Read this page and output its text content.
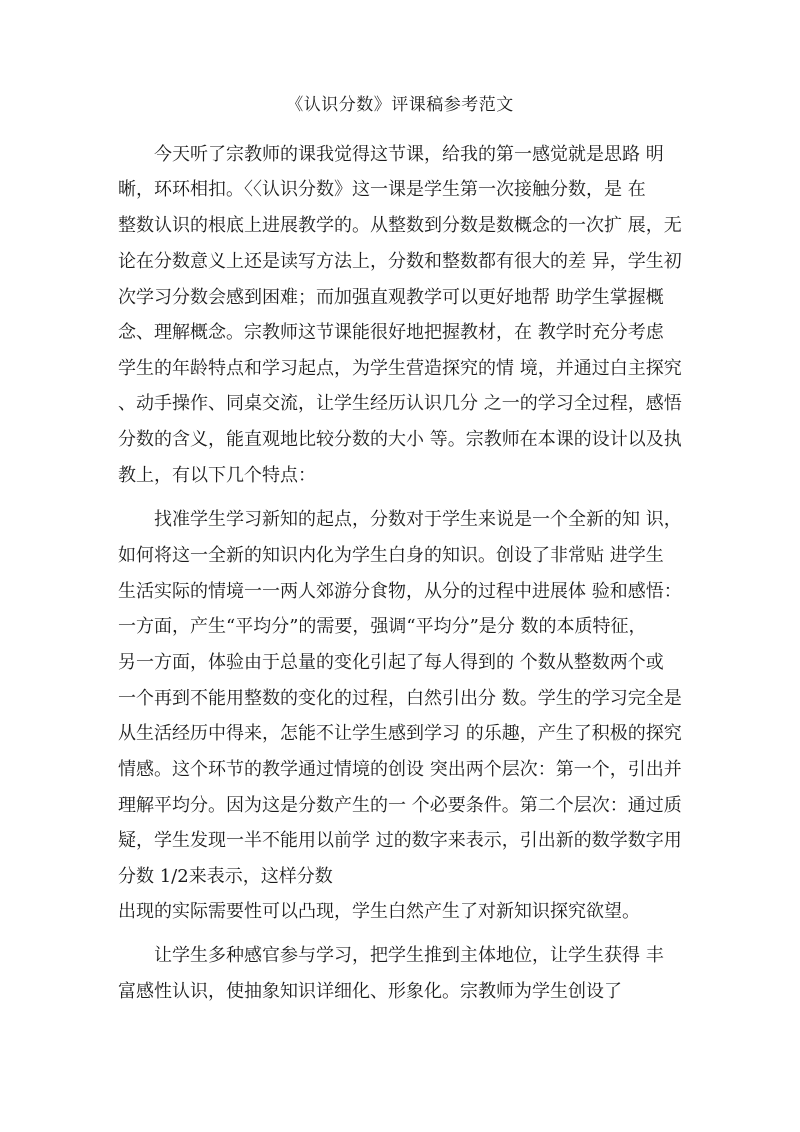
《认识分数》评课稿参考范文
今天听了宗教师的课我觉得这节课，给我的第一感觉就是思路 明
晰，环环相扣。〈〈认识分数》这一课是学生第一次接触分数，是 在
整数认识的根底上进展教学的。从整数到分数是数概念的一次扩 展，无
论在分数意义上还是读写方法上，分数和整数都有很大的差 异，学生初
次学习分数会感到困难；而加强直观教学可以更好地帮 助学生掌握概
念、理解概念。宗教师这节课能很好地把握教材，在 教学时充分考虑
学生的年龄特点和学习起点，为学生营造探究的情 境，并通过白主探究
、动手操作、同桌交流，让学生经历认识几分 之一的学习全过程，感悟
分数的含义，能直观地比较分数的大小 等。宗教师在本课的设计以及执
教上，有以下几个特点：
找准学生学习新知的起点，分数对于学生来说是一个全新的知 识，
如何将这一全新的知识内化为学生白身的知识。创设了非常贴 进学生
生活实际的情境一一两人郊游分食物，从分的过程中进展体 验和感悟：
一方面，产生“平均分”的需要，强调“平均分”是分 数的本质特征，
另一方面，体验由于总量的变化引起了每人得到的 个数从整数两个或
一个再到不能用整数的变化的过程，白然引出分 数。学生的学习完全是
从生活经历中得来，怎能不让学生感到学习 的乐趣，产生了积极的探究
情感。这个环节的教学通过情境的创设 突出两个层次：第一个，引出并
理解平均分。因为这是分数产生的一 个必要条件。第二个层次：通过质
疑，学生发现一半不能用以前学 过的数字来表示，引出新的数学数字用
分数 1/2来表示，这样分数
出现的实际需要性可以凸现，学生白然产生了对新知识探究欲望。
让学生多种感官参与学习，把学生推到主体地位，让学生获得 丰
富感性认识，使抽象知识详细化、形象化。宗教师为学生创设了
